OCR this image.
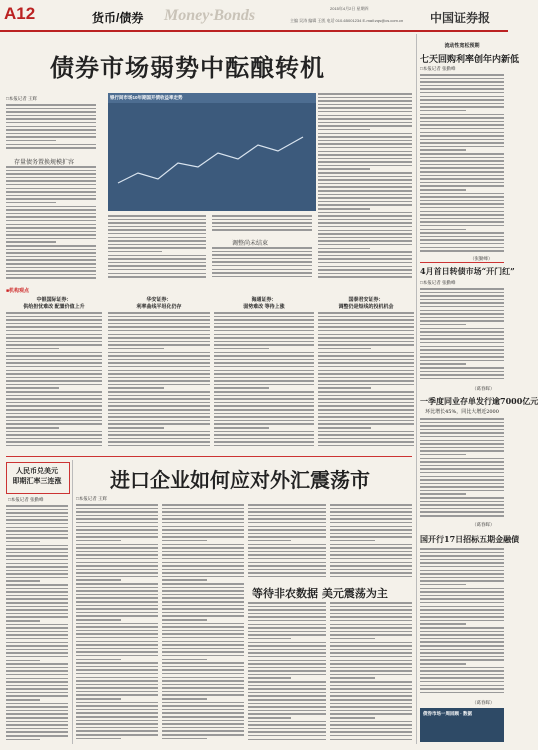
A12	货币/债券 Money·Bonds	主编 吴涛 编辑 王凯 电话 010-65001234 E-mail:zqs@cs.com.cn
2015年4月2日 星期四
中国证券报
债券市场弱势中酝酿转机
□本报记者 王辉
存量债务置换规模扩容
银行间市场10年期国开债收益率走势
调整尚未结束
■机构观点
中银国际证券：
供给担忧难改 配置价值上升
华安证券：
利率曲线平坦化仍存
海通证券：
弱势难改 等待上涨
国泰君安证券：
调整仍是短线的投机机会
流动性宽松预期
七天回购利率创年内新低
□本报记者 张勤峰
（张勤峰）
4月首日转债市场“开门红”
□本报记者 张勤峰
（葛春晖）
一季度同业存单发行逾7000亿元
环比增长45%，同比大增近2000
（葛春晖）
国开行17日招标五期金融债
（葛春晖）
债券市场一周回顾 · 数据
人民币兑美元
即期汇率三连涨
□本报记者 张勤峰
进口企业如何应对外汇震荡市
□本报记者 王辉
等待非农数据 美元震荡为主
